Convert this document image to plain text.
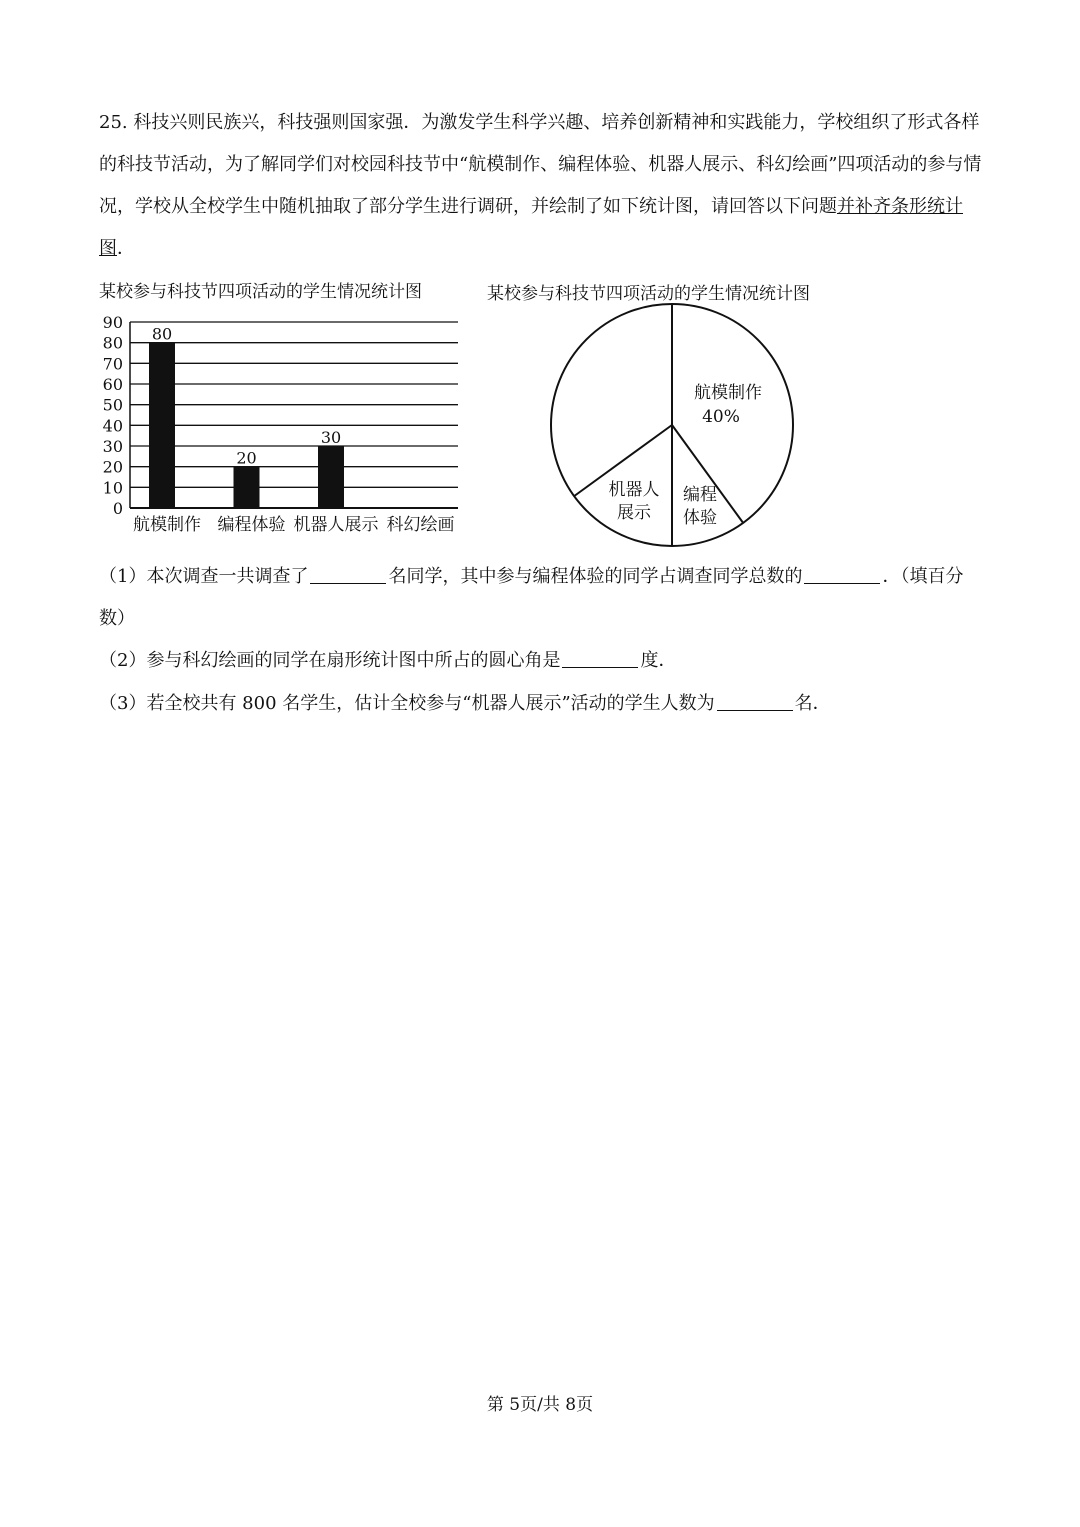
25. 科技兴则民族兴，科技强则国家强．为激发学生科学兴趣、培养创新精神和实践能力，学校组织了形式各样的科技节活动，为了解同学们对校园科技节中“航模制作、编程体验、机器人展示、科幻绘画”四项活动的参与情况，学校从全校学生中随机抽取了部分学生进行调研，并绘制了如下统计图，请回答以下问题并补齐条形统计图．

某校参与科技节四项活动的学生情况统计图	某校参与科技节四项活动的学生情况统计图
0
10
20
30
40
50
60
70
80
90
80
20
30
航模制作 编程体验 机器人展示 科幻绘画
航模制作
40%
编程
体验
机器人
展示

（1）本次调查一共调查了	名同学，其中参与编程体验的同学占调查同学总数的	．（填百分数）

（2）参与科幻绘画的同学在扇形统计图中所占的圆心角是	度．

（3）若全校共有 800 名学生，估计全校参与“机器人展示”活动的学生人数为	名．

第 5页/共 8页
